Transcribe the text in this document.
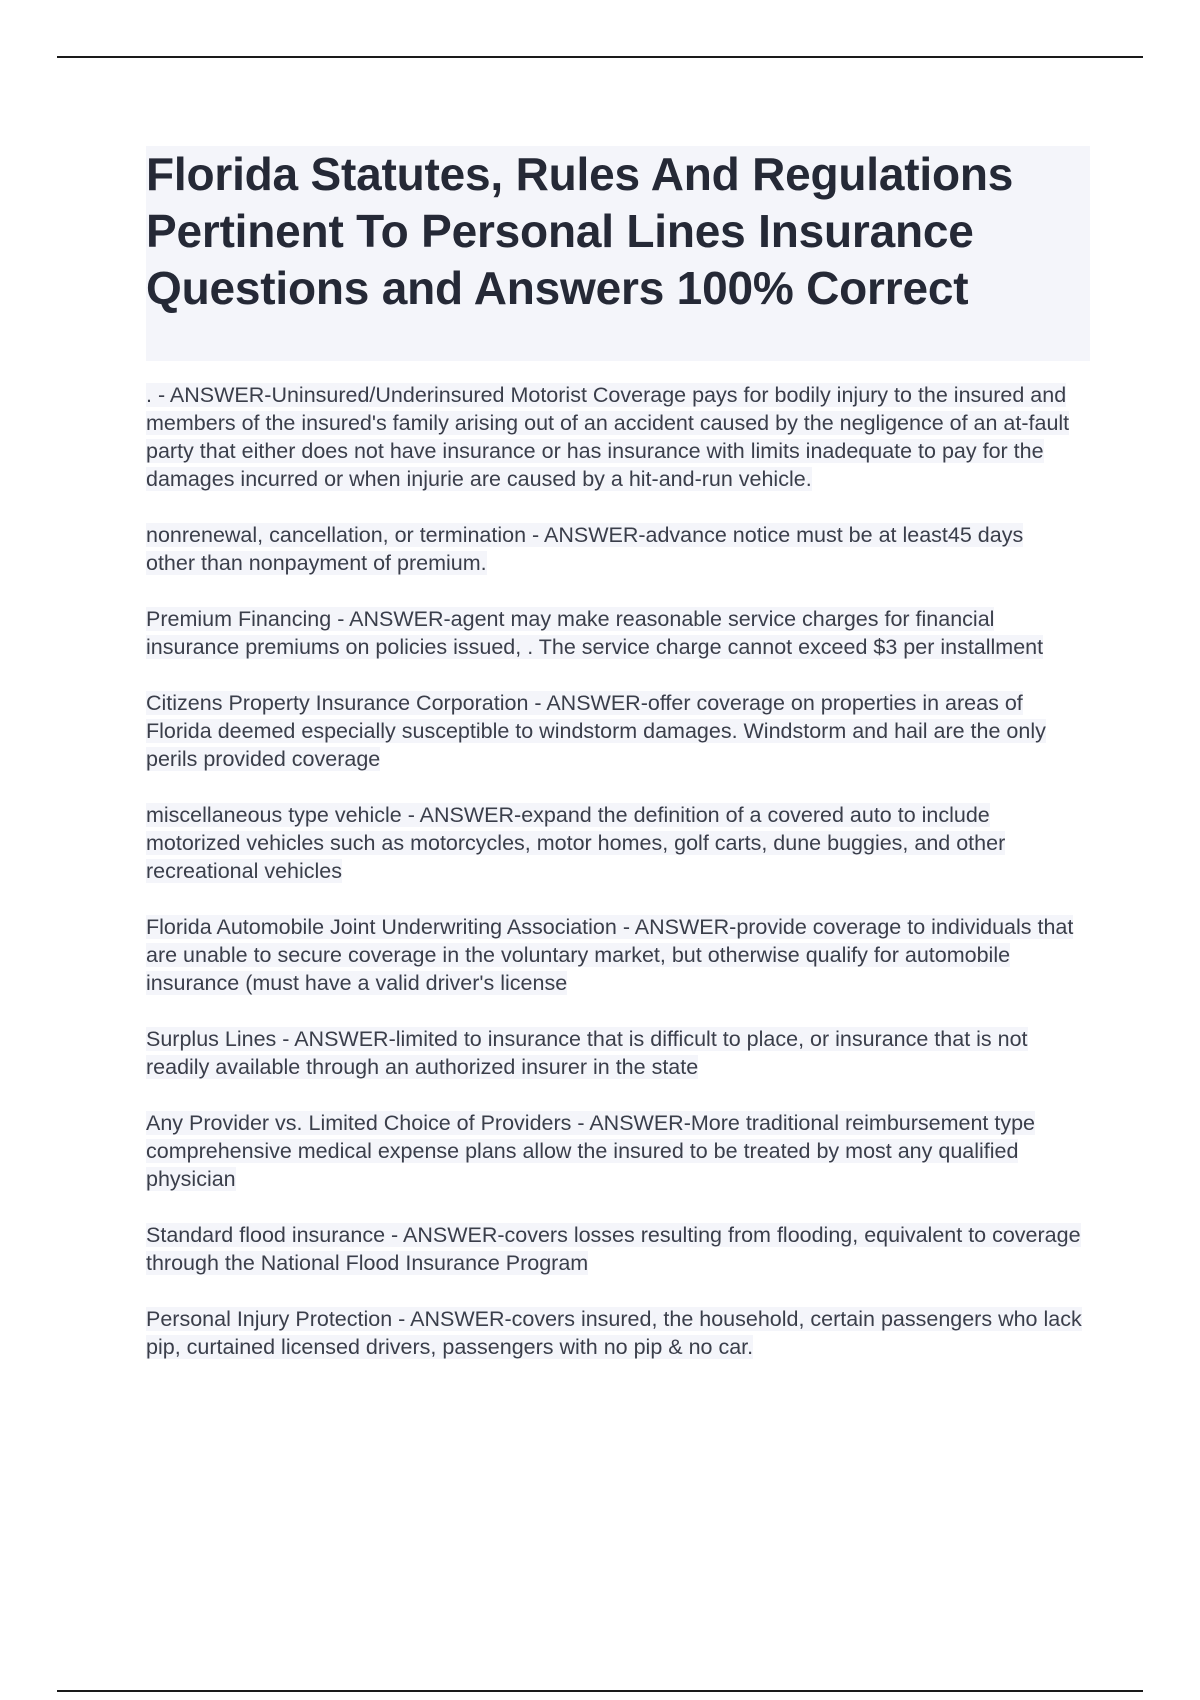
Florida Statutes, Rules And Regulations Pertinent To Personal Lines Insurance Questions and Answers 100% Correct

. - ANSWER-Uninsured/Underinsured Motorist Coverage pays for bodily injury to the insured and members of the insured's family arising out of an accident caused by the negligence of an at-fault party that either does not have insurance or has insurance with limits inadequate to pay for the damages incurred or when injurie are caused by a hit-and-run vehicle.

nonrenewal, cancellation, or termination - ANSWER-advance notice must be at least45 days
other than nonpayment of premium.

Premium Financing - ANSWER-agent may make reasonable service charges for financial insurance premiums on policies issued, . The service charge cannot exceed $3 per installment

Citizens Property Insurance Corporation - ANSWER-offer coverage on properties in areas of Florida deemed especially susceptible to windstorm damages. Windstorm and hail are the only perils provided coverage

miscellaneous type vehicle - ANSWER-expand the definition of a covered auto to include motorized vehicles such as motorcycles, motor homes, golf carts, dune buggies, and other recreational vehicles

Florida Automobile Joint Underwriting Association - ANSWER-provide coverage to individuals that are unable to secure coverage in the voluntary market, but otherwise qualify for automobile insurance (must have a valid driver's license

Surplus Lines - ANSWER-limited to insurance that is difficult to place, or insurance that is not readily available through an authorized insurer in the state

Any Provider vs. Limited Choice of Providers - ANSWER-More traditional reimbursement type comprehensive medical expense plans allow the insured to be treated by most any qualified physician

Standard flood insurance - ANSWER-covers losses resulting from flooding, equivalent to coverage through the National Flood Insurance Program

Personal Injury Protection - ANSWER-covers insured, the household, certain passengers who lack pip, curtained licensed drivers, passengers with no pip & no car.
